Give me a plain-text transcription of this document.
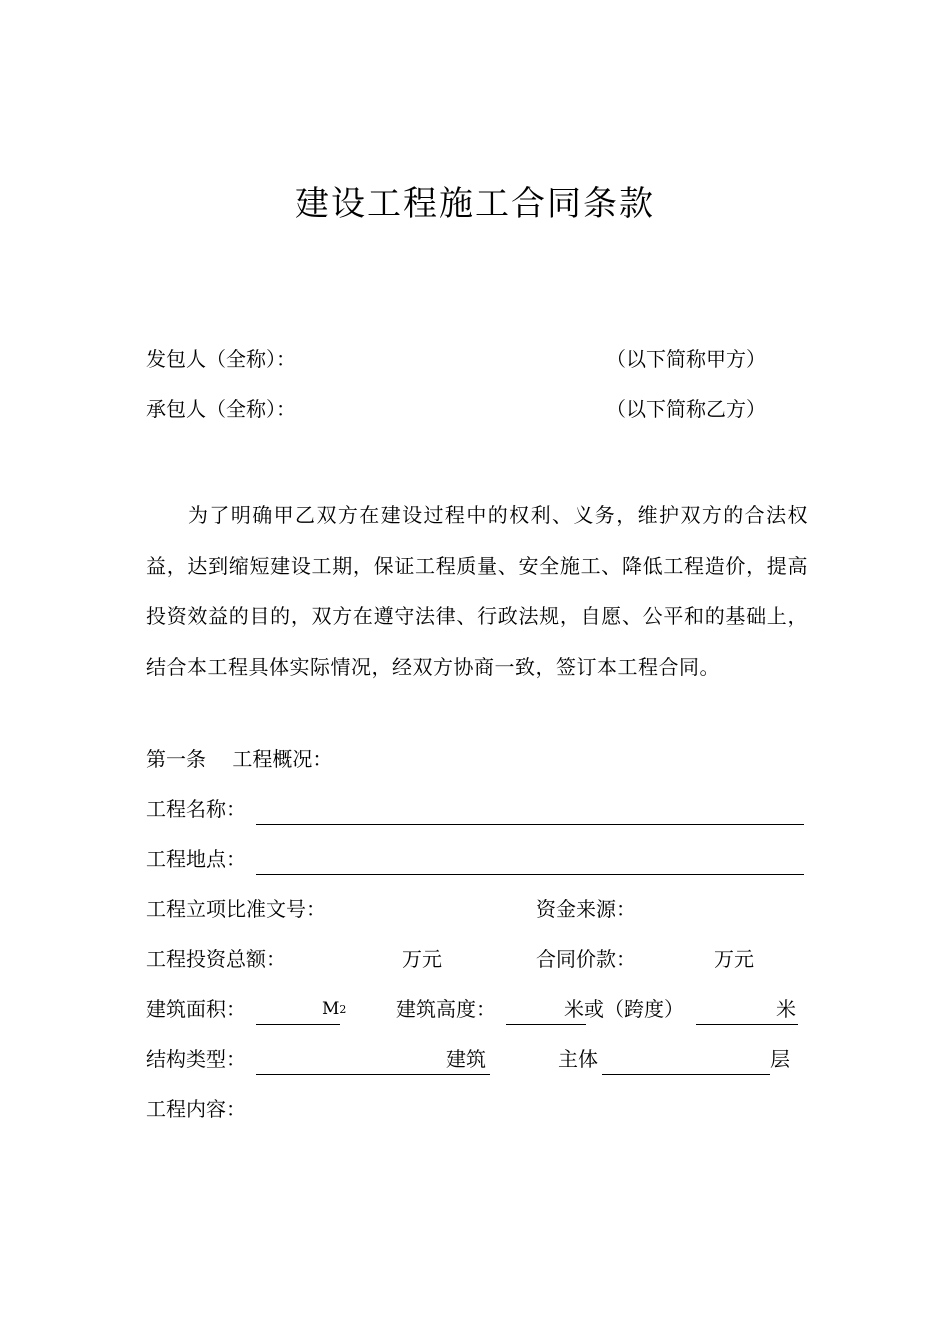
建设工程施工合同条款
发包人（全称）：	（以下简称甲方）
承包人（全称）：	（以下简称乙方）
为了明确甲乙双方在建设过程中的权利、义务，维护双方的合法权益，达到缩短建设工期，保证工程质量、安全施工、降低工程造价，提高投资效益的目的，双方在遵守法律、行政法规，自愿、公平和的基础上，结合本工程具体实际情况，经双方协商一致，签订本工程合同。
第一条　 工程概况：
工程名称：
工程地点：
工程立项比准文号：	资金来源：
工程投资总额：	万元	合同价款：	万元
建筑面积：	M2 建筑高度：	米或（跨度）	米
结构类型：	建筑	主体	层
工程内容：
